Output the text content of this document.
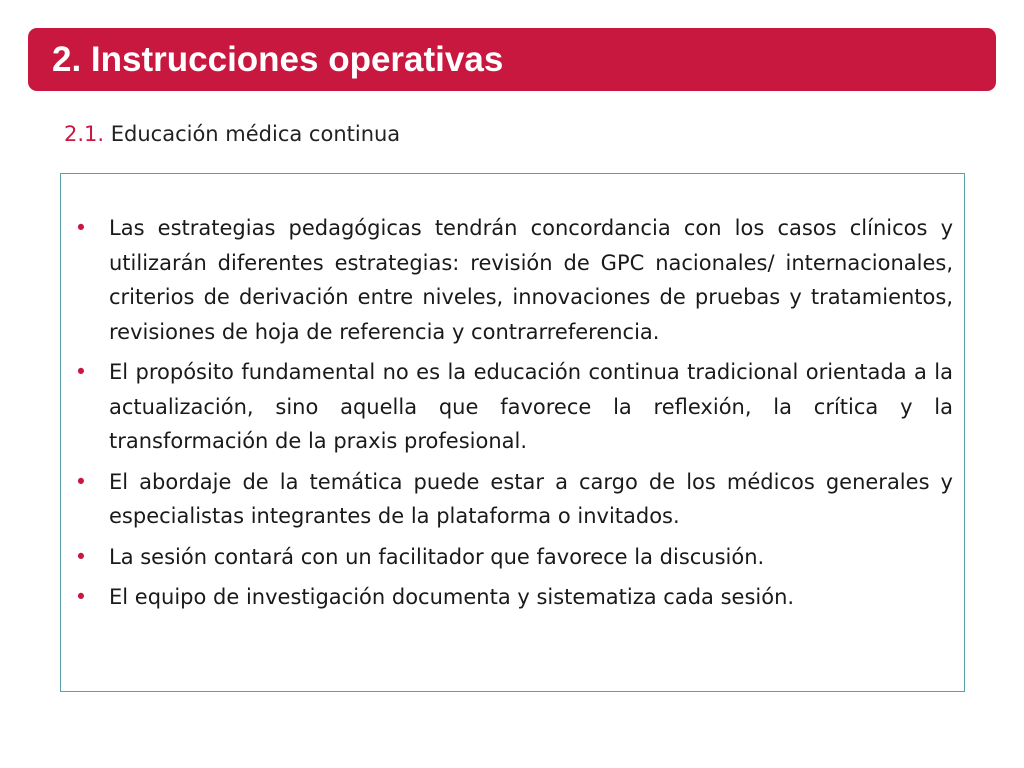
2. Instrucciones operativas
2.1. Educación médica continua
• Las estrategias pedagógicas tendrán concordancia con los casos clínicos y utilizarán diferentes estrategias: revisión de GPC nacionales/ internacionales, criterios de derivación entre niveles, innovaciones de pruebas y tratamientos, revisiones de hoja de referencia y contrarreferencia.
• El propósito fundamental no es la educación continua tradicional orientada a la actualización, sino aquella que favorece la reflexión, la crítica y la transformación de la praxis profesional.
• El abordaje de la temática puede estar a cargo de los médicos generales y especialistas integrantes de la plataforma o invitados.
• La sesión contará con un facilitador que favorece la discusión.
• El equipo de investigación documenta y sistematiza cada sesión.
